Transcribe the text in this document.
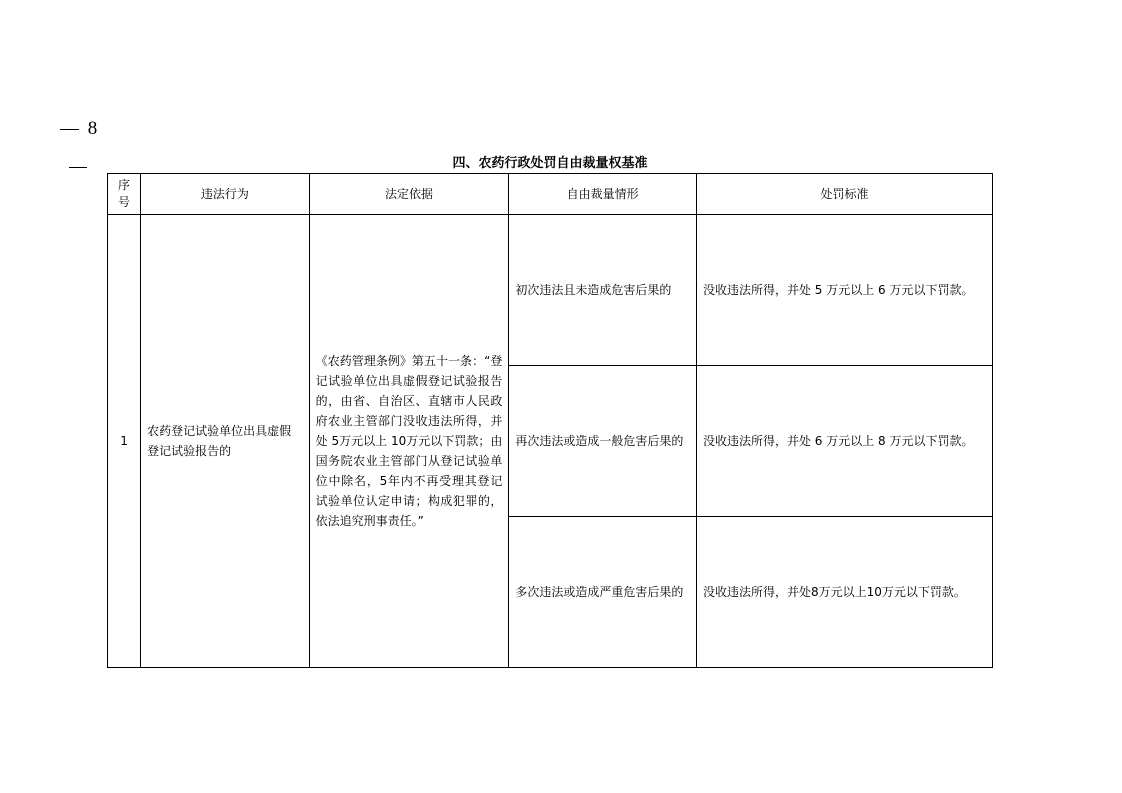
— 8
四、农药行政处罚自由裁量权基准
序
号	违法行为	法定依据	自由裁量情形	处罚标准
1	农药登记试验单位出具虚假登记试验报告的	《农药管理条例》第五十一条：“登记试验单位出具虚假登记试验报告的，由省、自治区、直辖市人民政府农业主管部门没收违法所得，并处 5万元以上 10万元以下罚款；由国务院农业主管部门从登记试验单位中除名，5年内不再受理其登记试验单位认定申请；构成犯罪的，依法追究刑事责任。”	初次违法且未造成危害后果的	没收违法所得，并处 5 万元以上 6 万元以下罚款。
			再次违法或造成一般危害后果的	没收违法所得，并处 6 万元以上 8 万元以下罚款。
			多次违法或造成严重危害后果的	没收违法所得，并处8万元以上10万元以下罚款。
